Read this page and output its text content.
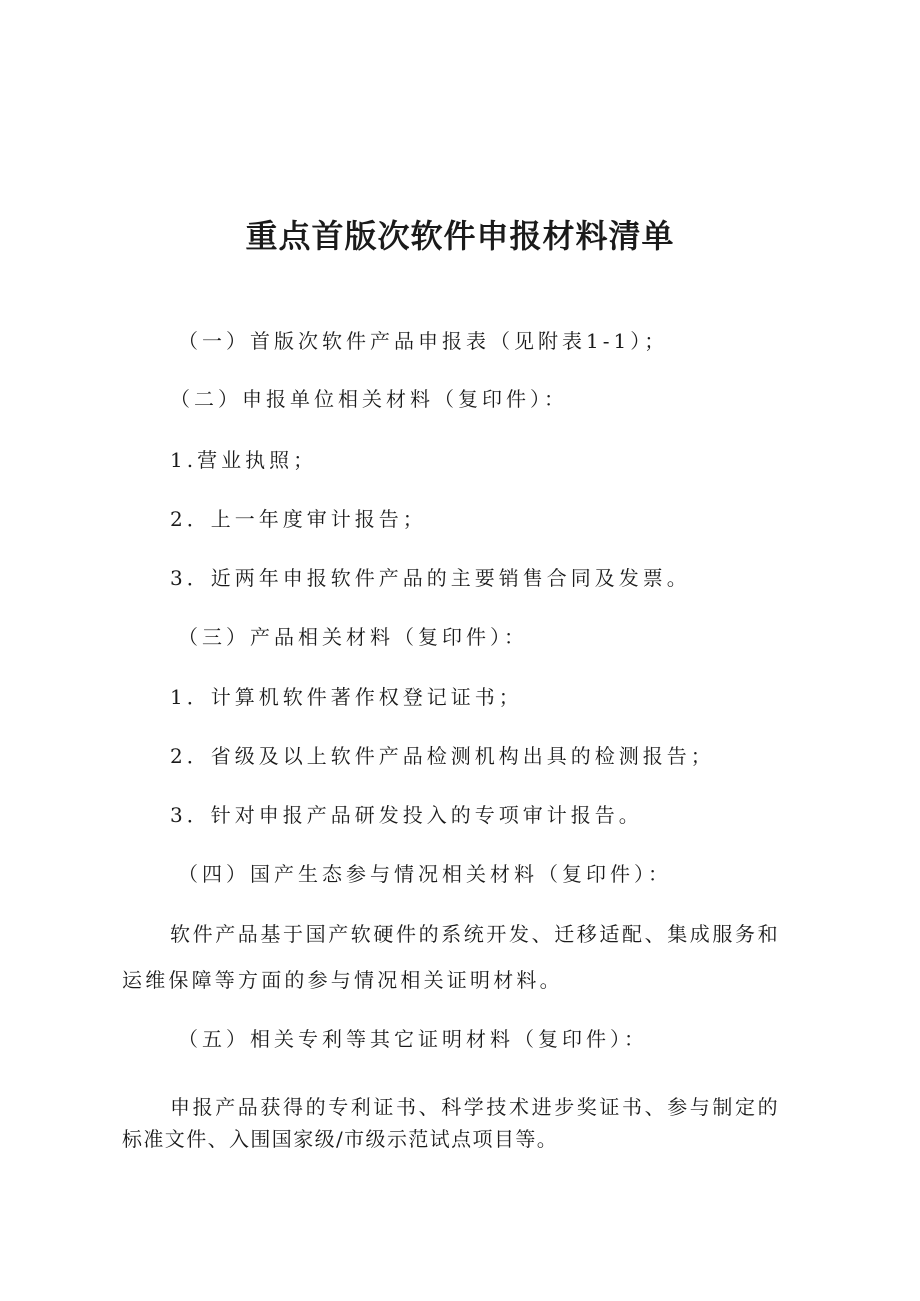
重点首版次软件申报材料清单
（一）首版次软件产品申报表（见附表1-1）；
（二）申报单位相关材料（复印件）：
1.营业执照；
2．上一年度审计报告；
3．近两年申报软件产品的主要销售合同及发票。
（三）产品相关材料（复印件）：
1．计算机软件著作权登记证书；
2．省级及以上软件产品检测机构出具的检测报告；
3．针对申报产品研发投入的专项审计报告。
（四）国产生态参与情况相关材料（复印件）：
软件产品基于国产软硬件的系统开发、迁移适配、集成服务和
运维保障等方面的参与情况相关证明材料。
（五）相关专利等其它证明材料（复印件）：
申报产品获得的专利证书、科学技术进步奖证书、参与制定的
标准文件、入围国家级/市级示范试点项目等。
